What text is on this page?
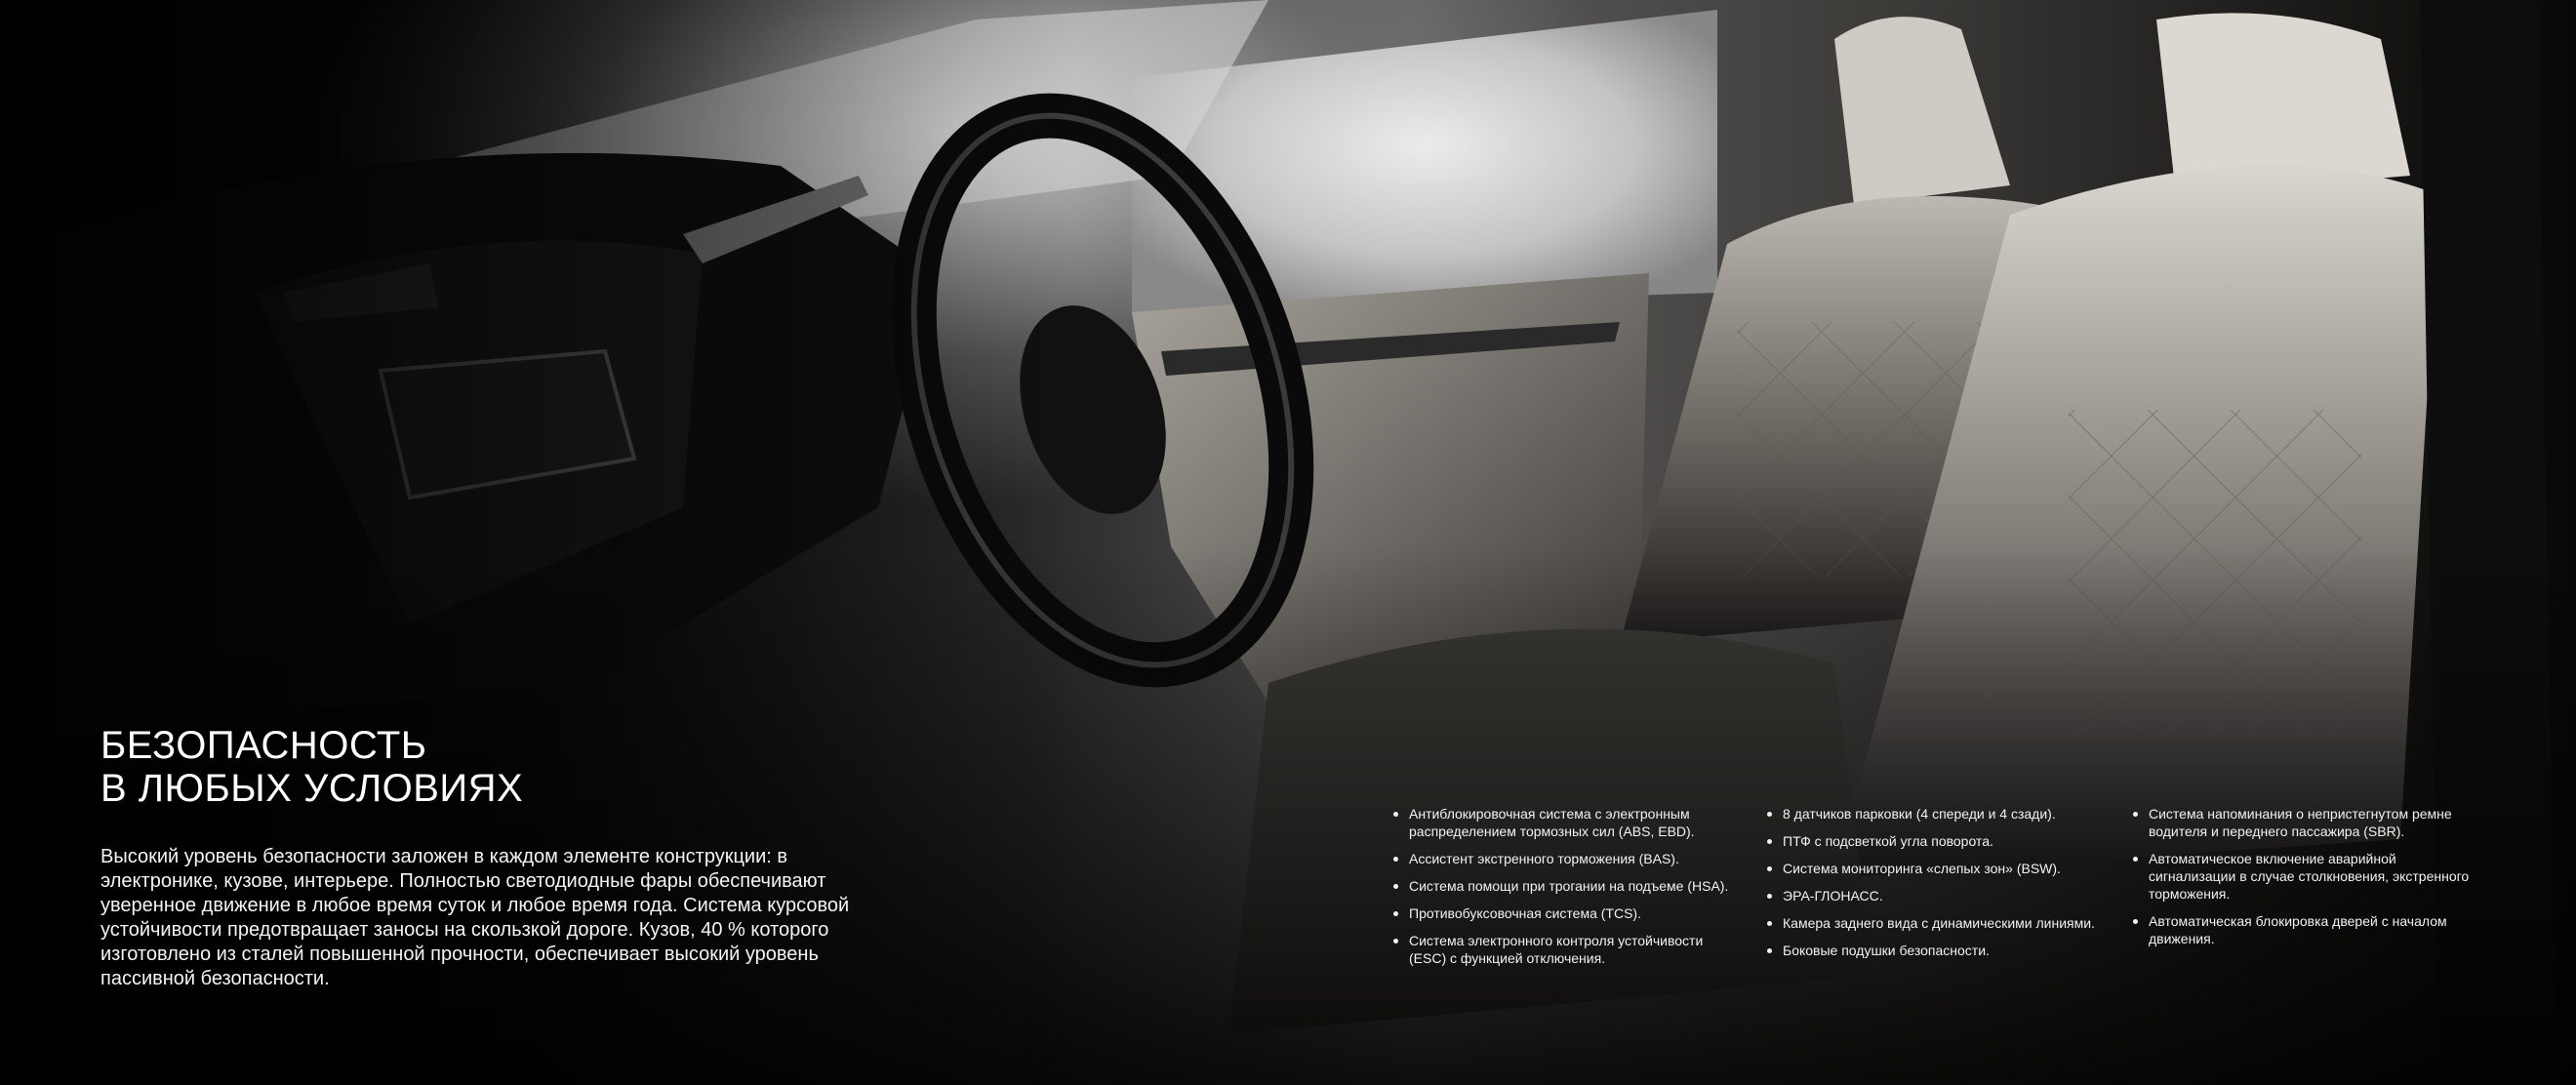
БЕЗОПАСНОСТЬ
В ЛЮБЫХ УСЛОВИЯХ

Высокий уровень безопасности заложен в каждом элементе конструкции: в электронике, кузове, интерьере. Полностью светодиодные фары обеспечивают уверенное движение в любое время суток и любое время года. Система курсовой устойчивости предотвращает заносы на скользкой дороге. Кузов, 40 % которого изготовлено из сталей повышенной прочности, обеспечивает высокий уровень пассивной безопасности.

Антиблокировочная система с электронным распределением тормозных сил (ABS, EBD).
Ассистент экстренного торможения (BAS).
Система помощи при трогании на подъеме (HSA).
Противобуксовочная система (TCS).
Система электронного контроля устойчивости (ESC) с функцией отключения.
8 датчиков парковки (4 спереди и 4 сзади).
ПТФ с подсветкой угла поворота.
Система мониторинга «слепых зон» (BSW).
ЭРА-ГЛОНАСС.
Камера заднего вида с динамическими линиями.
Боковые подушки безопасности.
Система напоминания о непристегнутом ремне водителя и переднего пассажира (SBR).
Автоматическое включение аварийной сигнализации в случае столкновения, экстренного торможения.
Автоматическая блокировка дверей с началом движения.
